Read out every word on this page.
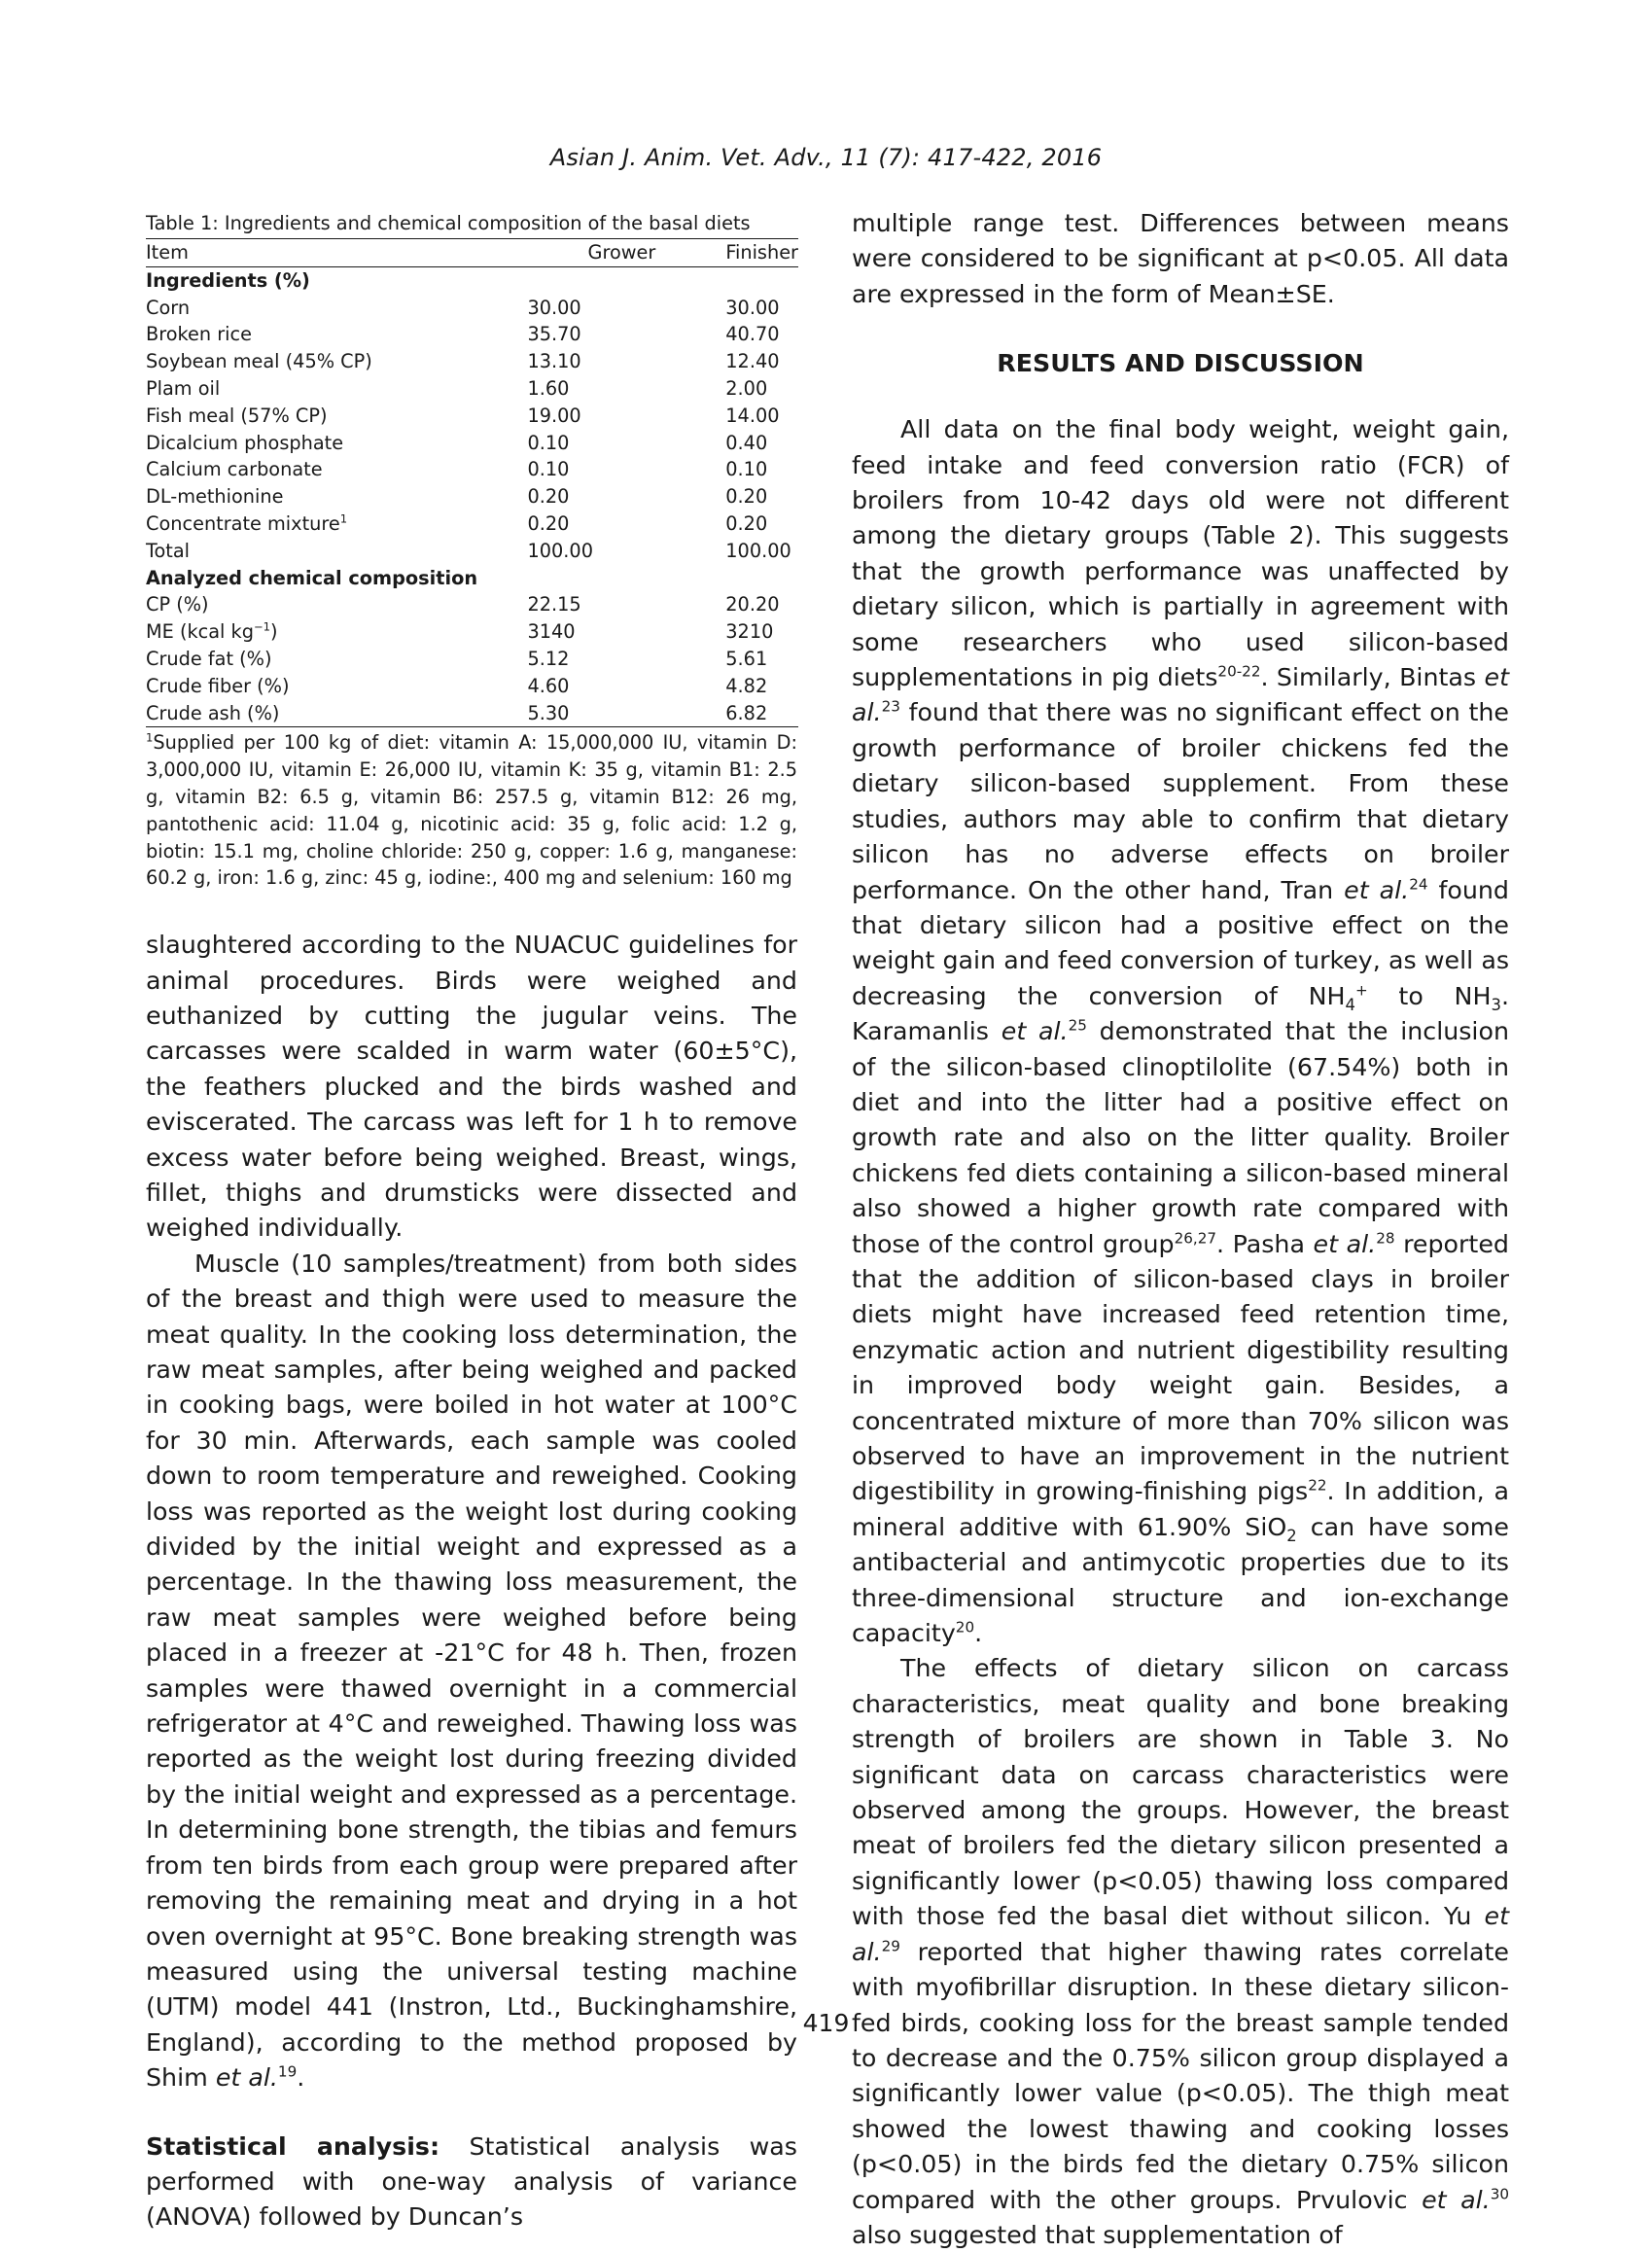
Asian J. Anim. Vet. Adv., 11 (7): 417-422, 2016
Table 1: Ingredients and chemical composition of the basal diets
Item	Grower	Finisher
Ingredients (%)		
Corn	30.00	30.00
Broken rice	35.70	40.70
Soybean meal (45% CP)	13.10	12.40
Plam oil	1.60	2.00
Fish meal (57% CP)	19.00	14.00
Dicalcium phosphate	0.10	0.40
Calcium carbonate	0.10	0.10
DL-methionine	0.20	0.20
Concentrate mixture$^1$	0.20	0.20
Total	100.00	100.00
Analyzed chemical composition		
CP (%)	22.15	20.20
ME (kcal $kg^{-1}$)	3140	3210
Crude fat (%)	5.12	5.61
Crude fiber (%)	4.60	4.82
Crude ash (%)	5.30	6.82

$^1$Supplied per 100 kg of diet: vitamin A: 15,000,000 IU, vitamin D: 3,000,000 IU, vitamin E: 26,000 IU, vitamin K: 35 g, vitamin B1: 2.5 g, vitamin B2: 6.5 g, vitamin B6: 257.5 g, vitamin B12: 26 mg, pantothenic acid: 11.04 g, nicotinic acid: 35 g, folic acid: 1.2 g, biotin: 15.1 mg, choline chloride: 250 g, copper: 1.6 g, manganese: 60.2 g, iron: 1.6 g, zinc: 45 g, iodine:, 400 mg and selenium: 160 mg

slaughtered according to the NUACUC guidelines for animal procedures. Birds were weighed and euthanized by cutting the jugular veins. The carcasses were scalded in warm water (60±5°C), the feathers plucked and the birds washed and eviscerated. The carcass was left for 1 h to remove excess water before being weighed. Breast, wings, fillet, thighs and drumsticks were dissected and weighed individually.

Muscle (10 samples/treatment) from both sides of the breast and thigh were used to measure the meat quality. In the cooking loss determination, the raw meat samples, after being weighed and packed in cooking bags, were boiled in hot water at 100°C for 30 min. Afterwards, each sample was cooled down to room temperature and reweighed. Cooking loss was reported as the weight lost during cooking divided by the initial weight and expressed as a percentage. In the thawing loss measurement, the raw meat samples were weighed before being placed in a freezer at -21°C for 48 h. Then, frozen samples were thawed overnight in a commercial refrigerator at 4°C and reweighed. Thawing loss was reported as the weight lost during freezing divided by the initial weight and expressed as a percentage. In determining bone strength, the tibias and femurs from ten birds from each group were prepared after removing the remaining meat and drying in a hot oven overnight at 95°C. Bone breaking strength was measured using the universal testing machine (UTM) model 441 (Instron, Ltd., Buckinghamshire, England), according to the method proposed by Shim et al.$^{19}$.

Statistical analysis: Statistical analysis was performed with one-way analysis of variance (ANOVA) followed by Duncan’s

multiple range test. Differences between means were considered to be significant at p<0.05. All data are expressed in the form of Mean±SE.

RESULTS AND DISCUSSION

All data on the final body weight, weight gain, feed intake and feed conversion ratio (FCR) of broilers from 10-42 days old were not different among the dietary groups (Table 2). This suggests that the growth performance was unaffected by dietary silicon, which is partially in agreement with some researchers who used silicon-based supplementations in pig diets$^{20-22}$. Similarly, Bintas et al.$^{23}$ found that there was no significant effect on the growth performance of broiler chickens fed the dietary silicon-based supplement. From these studies, authors may able to confirm that dietary silicon has no adverse effects on broiler performance. On the other hand, Tran et al.$^{24}$ found that dietary silicon had a positive effect on the weight gain and feed conversion of turkey, as well as decreasing the conversion of $NH_4^+$ to $NH_3$. Karamanlis et al.$^{25}$ demonstrated that the inclusion of the silicon-based clinoptilolite (67.54%) both in diet and into the litter had a positive effect on growth rate and also on the litter quality. Broiler chickens fed diets containing a silicon-based mineral also showed a higher growth rate compared with those of the control group$^{26,27}$. Pasha et al.$^{28}$ reported that the addition of silicon-based clays in broiler diets might have increased feed retention time, enzymatic action and nutrient digestibility resulting in improved body weight gain. Besides, a concentrated mixture of more than 70% silicon was observed to have an improvement in the nutrient digestibility in growing-finishing pigs$^{22}$. In addition, a mineral additive with 61.90% SiO$_2$ can have some antibacterial and antimycotic properties due to its three-dimensional structure and ion-exchange capacity$^{20}$.

The effects of dietary silicon on carcass characteristics, meat quality and bone breaking strength of broilers are shown in Table 3. No significant data on carcass characteristics were observed among the groups. However, the breast meat of broilers fed the dietary silicon presented a significantly lower (p<0.05) thawing loss compared with those fed the basal diet without silicon. Yu et al.$^{29}$ reported that higher thawing rates correlate with myofibrillar disruption. In these dietary silicon-fed birds, cooking loss for the breast sample tended to decrease and the 0.75% silicon group displayed a significantly lower value (p<0.05). The thigh meat showed the lowest thawing and cooking losses (p<0.05) in the birds fed the dietary 0.75% silicon compared with the other groups. Prvulovic et al.$^{30}$ also suggested that supplementation of

419
